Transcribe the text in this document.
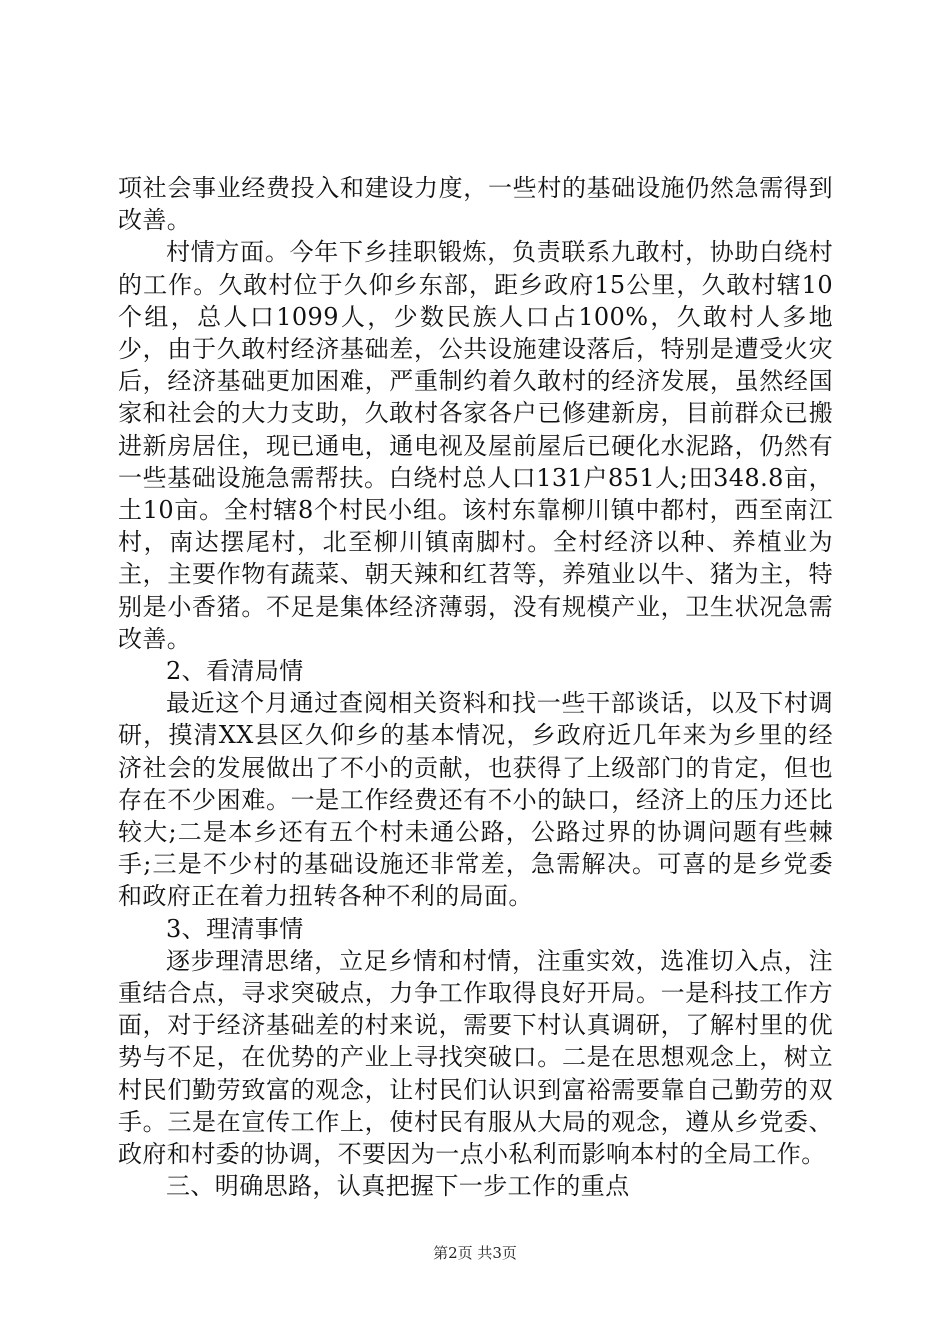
项社会事业经费投入和建设力度，一些村的基础设施仍然急需得到改善。

村情方面。今年下乡挂职锻炼，负责联系九敢村，协助白绕村的工作。久敢村位于久仰乡东部，距乡政府15公里，久敢村辖10个组，总人口1099人，少数民族人口占100%，久敢村人多地少，由于久敢村经济基础差，公共设施建设落后，特别是遭受火灾后，经济基础更加困难，严重制约着久敢村的经济发展，虽然经国家和社会的大力支助，久敢村各家各户已修建新房，目前群众已搬进新房居住，现已通电，通电视及屋前屋后已硬化水泥路，仍然有一些基础设施急需帮扶。白绕村总人口131户851人;田348.8亩，土10亩。全村辖8个村民小组。该村东靠柳川镇中都村，西至南江村，南达摆尾村，北至柳川镇南脚村。全村经济以种、养植业为主，主要作物有蔬菜、朝天辣和红苕等，养殖业以牛、猪为主，特别是小香猪。不足是集体经济薄弱，没有规模产业，卫生状况急需改善。

2、看清局情

最近这个月通过查阅相关资料和找一些干部谈话，以及下村调研，摸清XX县区久仰乡的基本情况，乡政府近几年来为乡里的经济社会的发展做出了不小的贡献，也获得了上级部门的肯定，但也存在不少困难。一是工作经费还有不小的缺口，经济上的压力还比较大;二是本乡还有五个村未通公路，公路过界的协调问题有些棘手;三是不少村的基础设施还非常差，急需解决。可喜的是乡党委和政府正在着力扭转各种不利的局面。

3、理清事情

逐步理清思绪，立足乡情和村情，注重实效，选准切入点，注重结合点，寻求突破点，力争工作取得良好开局。一是科技工作方面，对于经济基础差的村来说，需要下村认真调研，了解村里的优势与不足，在优势的产业上寻找突破口。二是在思想观念上，树立村民们勤劳致富的观念，让村民们认识到富裕需要靠自己勤劳的双手。三是在宣传工作上，使村民有服从大局的观念，遵从乡党委、政府和村委的协调，不要因为一点小私利而影响本村的全局工作。

三、明确思路，认真把握下一步工作的重点

第2页 共3页
